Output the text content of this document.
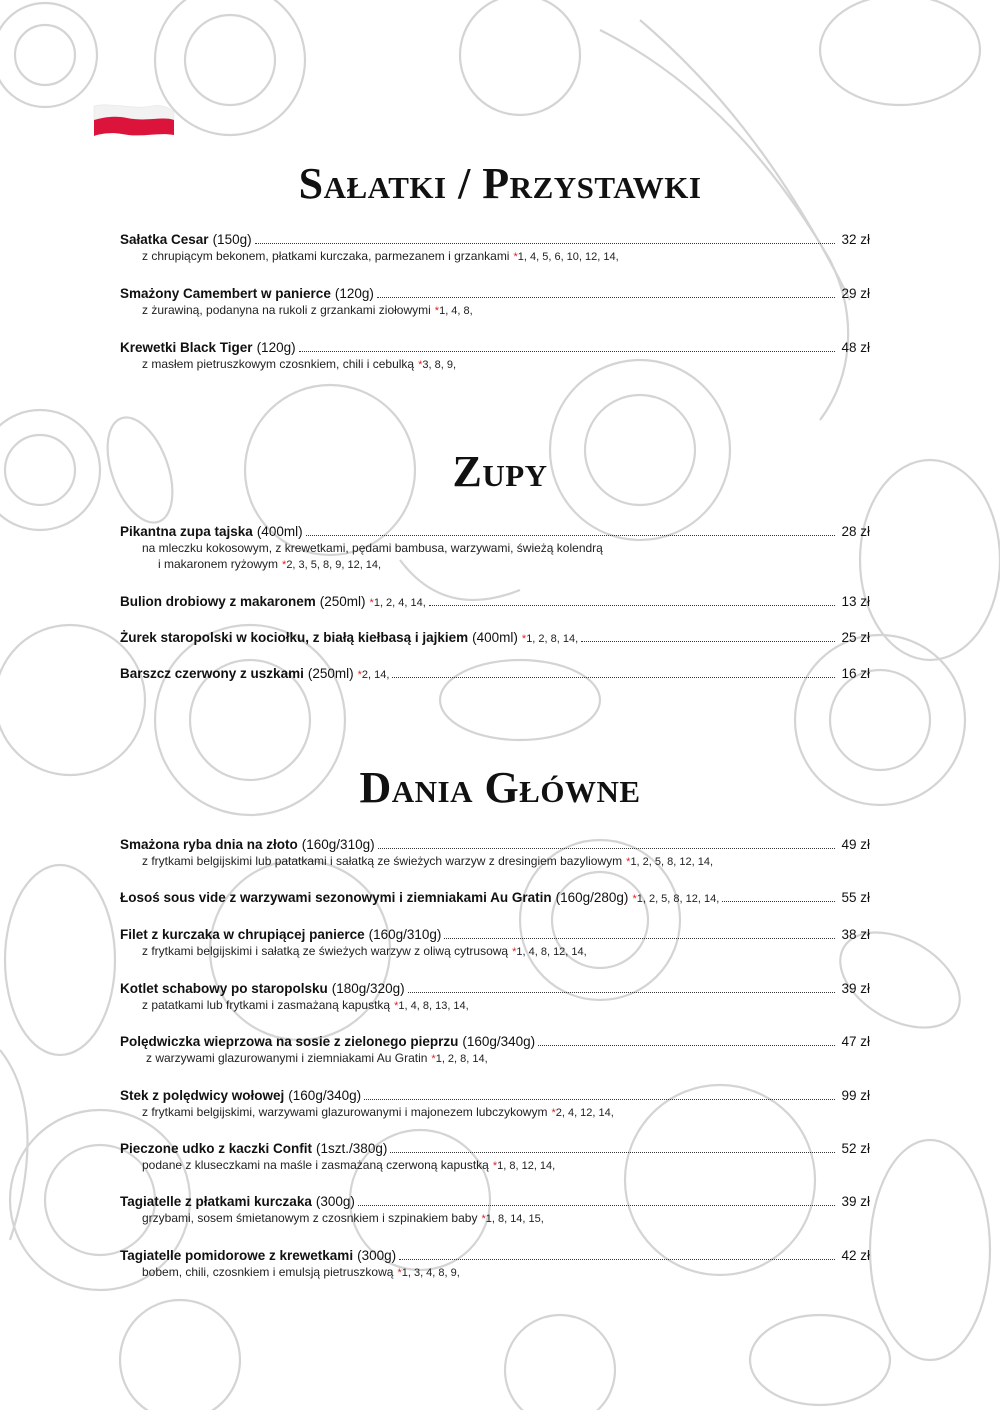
Sałatki / Przystawki
Sałatka Cesar (150g)	32 zł
z chrupiącym bekonem, płatkami kurczaka, parmezanem i grzankami *1, 4, 5, 6, 10, 12, 14,
Smażony Camembert w panierce (120g)	29 zł
z żurawiną, podanyna na rukoli z grzankami ziołowymi *1, 4, 8,
Krewetki Black Tiger (120g)	48 zł
z masłem pietruszkowym czosnkiem, chili i cebulką *3, 8, 9,
Zupy
Pikantna zupa tajska (400ml)	28 zł
na mleczku kokosowym, z krewetkami, pędami bambusa, warzywami, świeżą kolendrą
i makaronem ryżowym *2, 3, 5, 8, 9, 12, 14,
Bulion drobiowy z makaronem (250ml) * 1, 2, 4, 14,	13 zł
Żurek staropolski w kociołku, z białą kiełbasą i jajkiem (400ml) * 1, 2, 8, 14,	25 zł
Barszcz czerwony z uszkami (250ml) * 2, 14,	16 zł
Dania Główne
Smażona ryba dnia na złoto (160g/310g)	49 zł
z frytkami belgijskimi lub patatkami i sałatką ze świeżych warzyw z dresingiem bazyliowym *1, 2, 5, 8, 12, 14,
Łosoś sous vide z warzywami sezonowymi i ziemniakami Au Gratin (160g/280g) * 1, 2, 5, 8, 12, 14,	55 zł
Filet z kurczaka w chrupiącej panierce (160g/310g)	38 zł
z frytkami belgijskimi i sałatką ze świeżych warzyw z oliwą cytrusową *1, 4, 8, 12, 14,
Kotlet schabowy po staropolsku (180g/320g)	39 zł
z patatkami lub frytkami i zasmażaną kapustką *1, 4, 8, 13, 14,
Polędwiczka wieprzowa na sosie z zielonego pieprzu (160g/340g)	47 zł
z warzywami glazurowanymi i ziemniakami Au Gratin *1, 2, 8, 14,
Stek z polędwicy wołowej (160g/340g)	99 zł
z frytkami belgijskimi, warzywami glazurowanymi i majonezem lubczykowym *2, 4, 12, 14,
Pieczone udko z kaczki Confit (1szt./380g)	52 zł
podane z kluseczkami na maśle i zasmażaną czerwoną kapustką *1, 8, 12, 14,
Tagiatelle z płatkami kurczaka (300g)	39 zł
grzybami, sosem śmietanowym z czosnkiem i szpinakiem baby *1, 8, 14, 15,
Tagiatelle pomidorowe z krewetkami (300g)	42 zł
bobem, chili, czosnkiem i emulsją pietruszkową *1, 3, 4, 8, 9,
